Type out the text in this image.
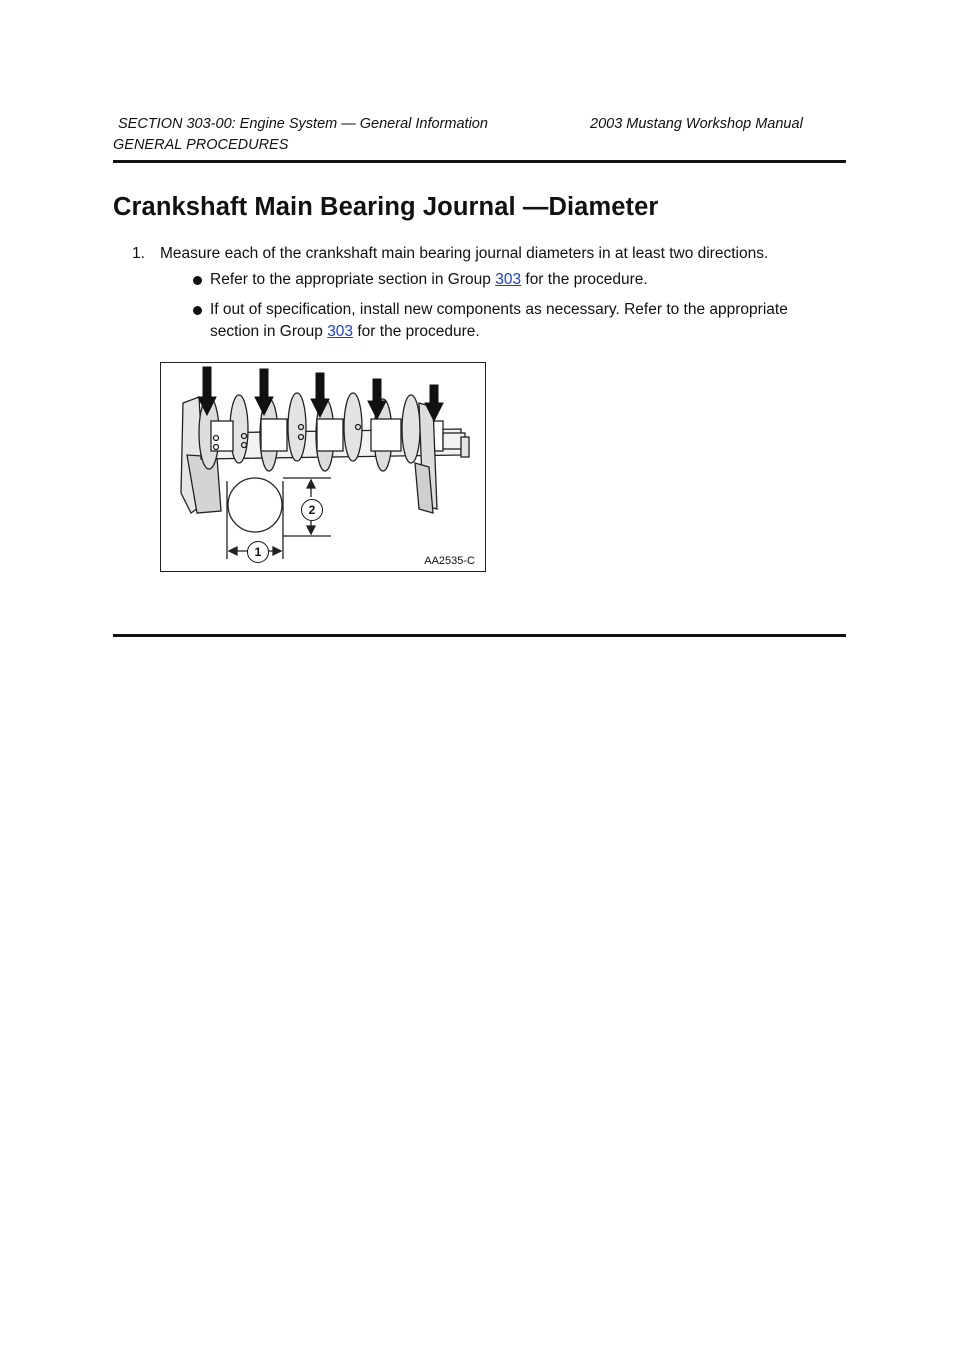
SECTION 303-00: Engine System — General Information	2003 Mustang Workshop Manual
GENERAL PROCEDURES
Crankshaft Main Bearing Journal —Diameter
1. Measure each of the crankshaft main bearing journal diameters in at least two directions.
Refer to the appropriate section in Group 303 for the procedure.
If out of specification, install new components as necessary. Refer to the appropriate section in Group 303 for the procedure.
1
2
AA2535-C
